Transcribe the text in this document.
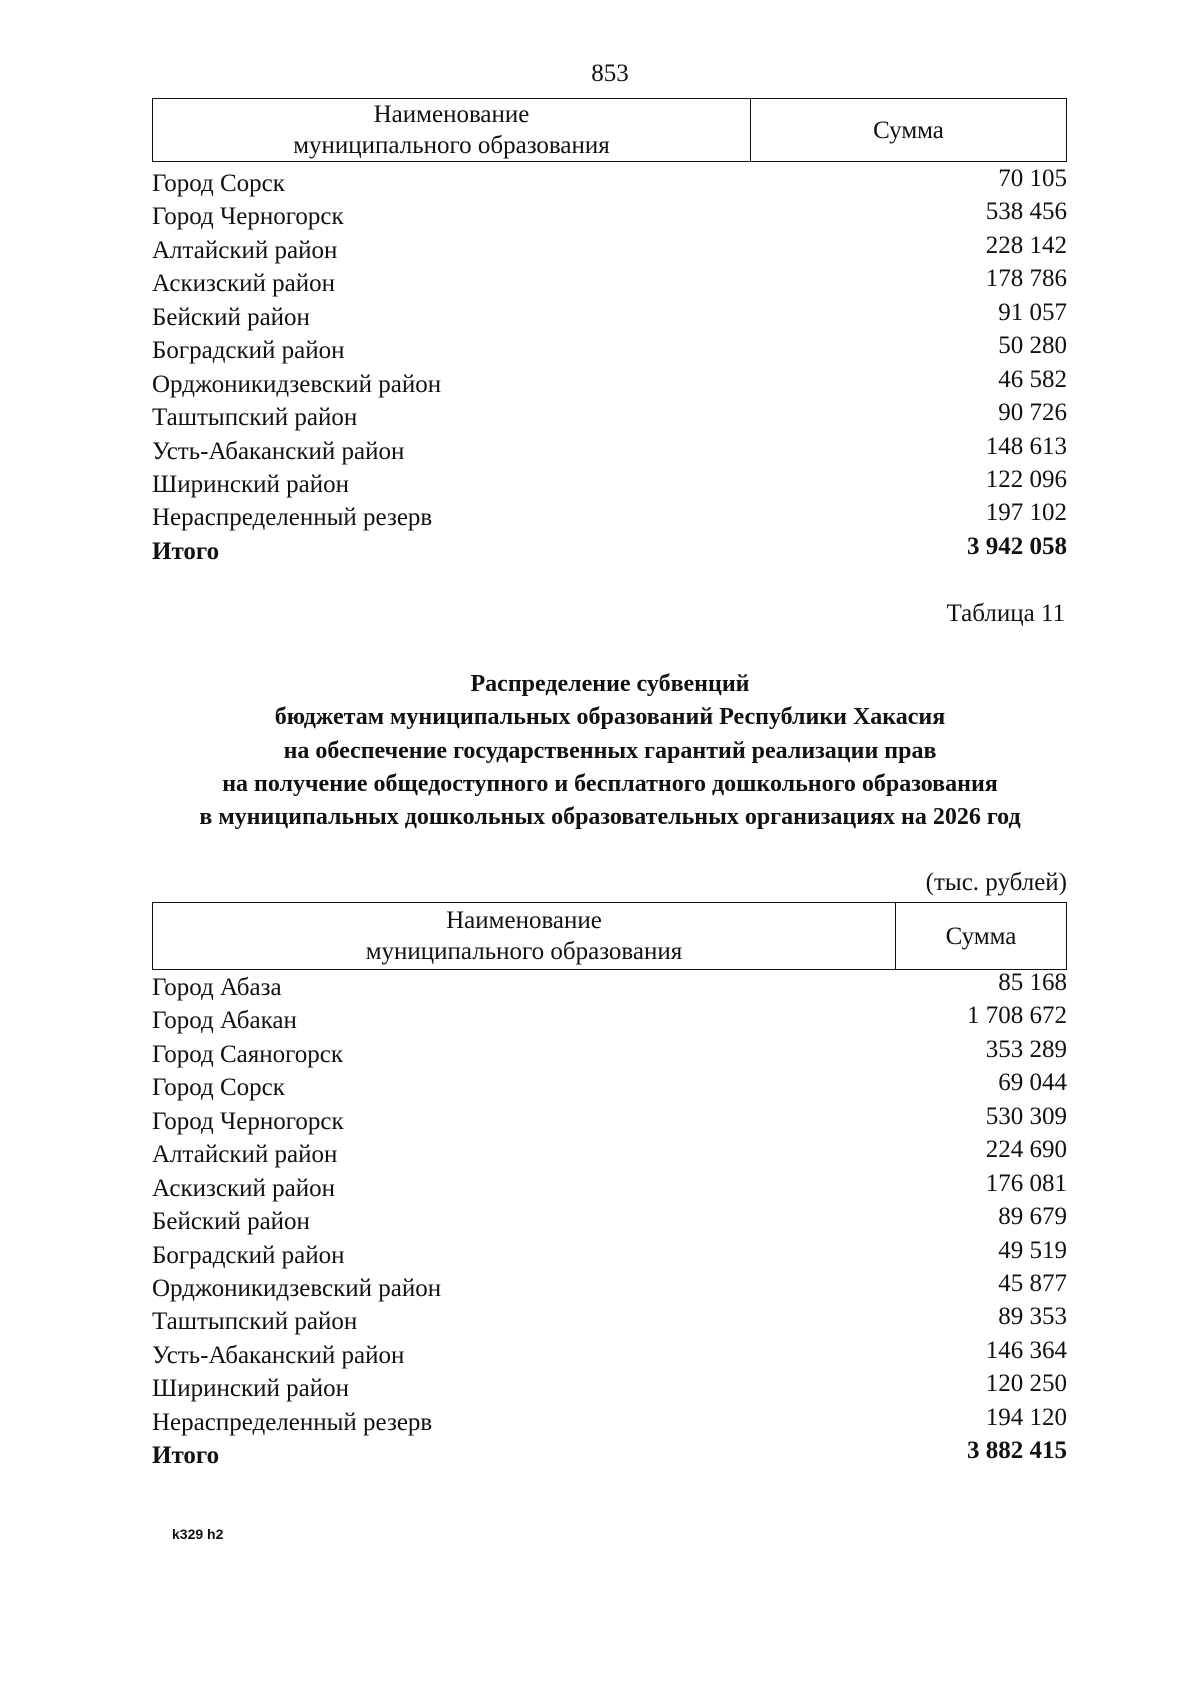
853
Наименование
муниципального образования
Сумма
Город Сорск	70 105
Город Черногорск	538 456
Алтайский район	228 142
Аскизский район	178 786
Бейский район	91 057
Боградский район	50 280
Орджоникидзевский район	46 582
Таштыпский район	90 726
Усть-Абаканский район	148 613
Ширинский район	122 096
Нераспределенный резерв	197 102
Итого	3 942 058
Таблица 11
Распределение субвенций
бюджетам муниципальных образований Республики Хакасия
на обеспечение государственных гарантий реализации прав
на получение общедоступного и бесплатного дошкольного образования
в муниципальных дошкольных образовательных организациях на 2026 год
(тыс. рублей)
Наименование
муниципального образования
Сумма
Город Абаза	85 168
Город Абакан	1 708 672
Город Саяногорск	353 289
Город Сорск	69 044
Город Черногорск	530 309
Алтайский район	224 690
Аскизский район	176 081
Бейский район	89 679
Боградский район	49 519
Орджоникидзевский район	45 877
Таштыпский район	89 353
Усть-Абаканский район	146 364
Ширинский район	120 250
Нераспределенный резерв	194 120
Итого	3 882 415
k329 h2
